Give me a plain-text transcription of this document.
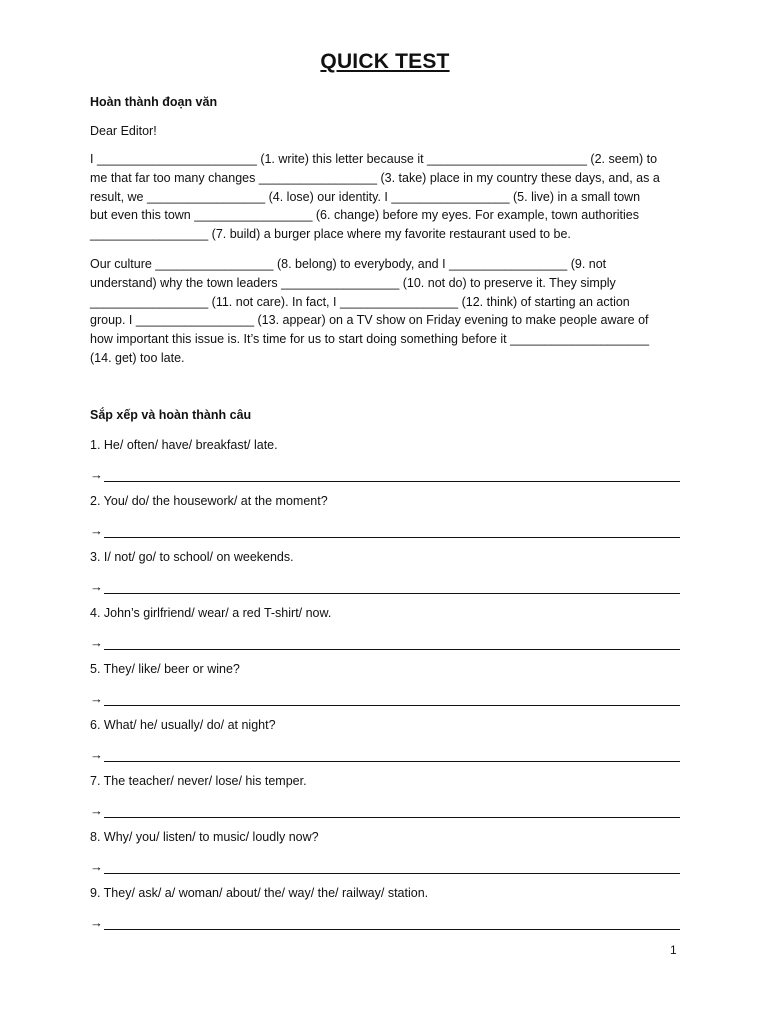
QUICK TEST
Hoàn thành đoạn văn
Dear Editor!
I _______________________ (1. write) this letter because it _______________________ (2. seem) to
me that far too many changes _________________ (3. take) place in my country these days, and, as a
result, we _________________ (4. lose) our identity. I _________________ (5. live) in a small town
but even this town _________________ (6. change) before my eyes. For example, town authorities
_________________ (7. build) a burger place where my favorite restaurant used to be.
Our culture _________________ (8. belong) to everybody, and I _________________ (9. not
understand) why the town leaders _________________ (10. not do) to preserve it. They simply
_________________ (11. not care). In fact, I _________________ (12. think) of starting an action
group. I _________________ (13. appear) on a TV show on Friday evening to make people aware of
how important this issue is. It’s time for us to start doing something before it ____________________
(14. get) too late.
Sắp xếp và hoàn thành câu
1. He/ often/ have/ breakfast/ late.
→
2. You/ do/ the housework/ at the moment?
→
3. I/ not/ go/ to school/ on weekends.
→
4. John’s girlfriend/ wear/ a red T-shirt/ now.
→
5. They/ like/ beer or wine?
→
6. What/ he/ usually/ do/ at night?
→
7. The teacher/ never/ lose/ his temper.
→
8. Why/ you/ listen/ to music/ loudly now?
→
9. They/ ask/ a/ woman/ about/ the/ way/ the/ railway/ station.
→
1
